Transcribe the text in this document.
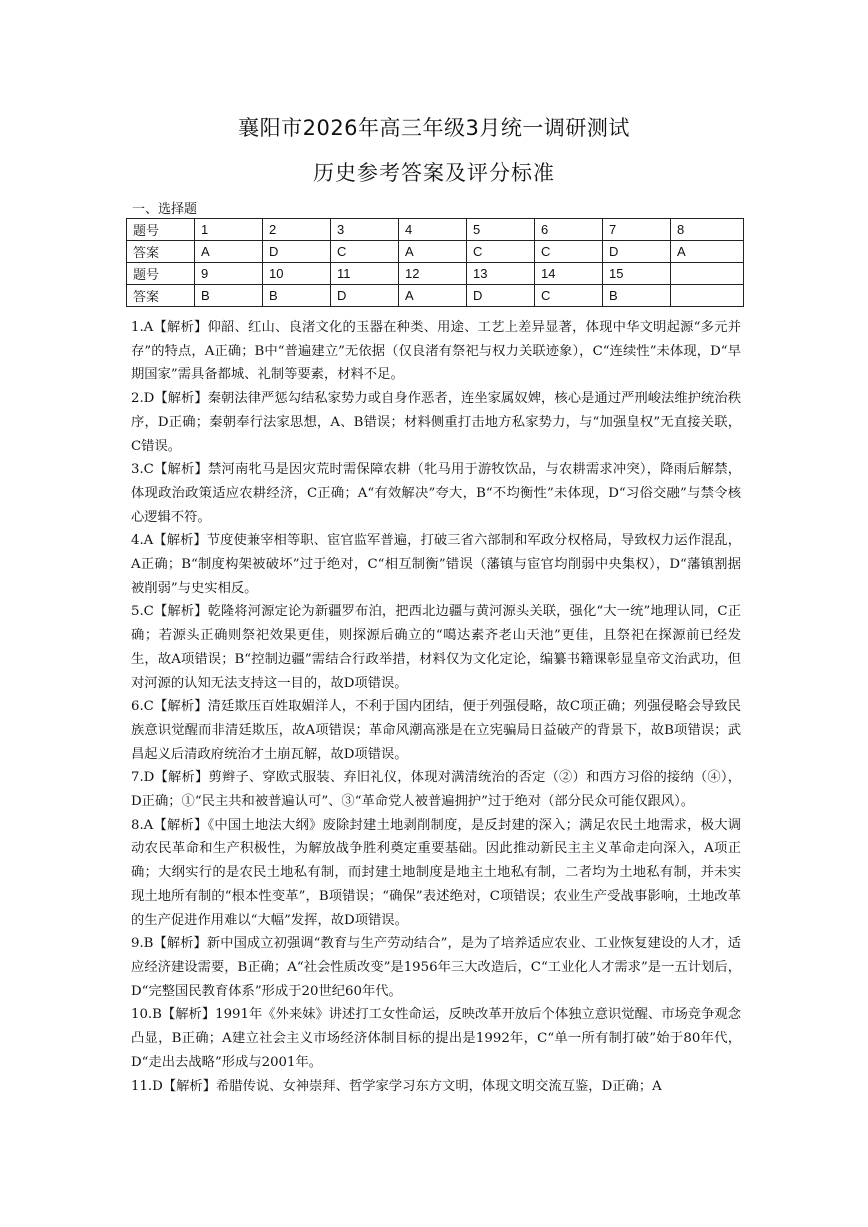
襄阳市2026年高三年级3月统一调研测试
历史参考答案及评分标准
一、选择题
题号	1	2	3	4	5	6	7	8
答案	A	D	C	A	C	C	D	A
题号	9	10	11	12	13	14	15	
答案	B	B	D	A	D	C	B	

1.A【解析】仰韶、红山、良渚文化的玉器在种类、用途、工艺上差异显著，体现中华文明起源“多元并存”的特点，A正确；B中“普遍建立”无依据（仅良渚有祭祀与权力关联迹象），C“连续性”未体现，D“早期国家”需具备都城、礼制等要素，材料不足。

2.D【解析】秦朝法律严惩勾结私家势力或自身作恶者，连坐家属奴婢，核心是通过严刑峻法维护统治秩序，D正确；秦朝奉行法家思想，A、B错误；材料侧重打击地方私家势力，与“加强皇权”无直接关联，C错误。

3.C【解析】禁河南牝马是因灾荒时需保障农耕（牝马用于游牧饮品，与农耕需求冲突），降雨后解禁，体现政治政策适应农耕经济，C正确；A“有效解决”夸大，B“不均衡性”未体现，D“习俗交融”与禁令核心逻辑不符。

4.A【解析】节度使兼宰相等职、宦官监军普遍，打破三省六部制和军政分权格局，导致权力运作混乱，A正确；B“制度构架被破坏”过于绝对，C“相互制衡”错误（藩镇与宦官均削弱中央集权），D“藩镇割据被削弱”与史实相反。

5.C【解析】乾隆将河源定论为新疆罗布泊，把西北边疆与黄河源头关联，强化“大一统”地理认同，C正确；若源头正确则祭祀效果更佳，则探源后确立的“噶达素齐老山天池”更佳，且祭祀在探源前已经发生，故A项错误；B“控制边疆”需结合行政举措，材料仅为文化定论，编纂书籍课彰显皇帝文治武功，但对河源的认知无法支持这一目的，故D项错误。

6.C【解析】清廷欺压百姓取媚洋人，不利于国内团结，便于列强侵略，故C项正确；列强侵略会导致民族意识觉醒而非清廷欺压，故A项错误；革命风潮高涨是在立宪骗局日益破产的背景下，故B项错误；武昌起义后清政府统治才土崩瓦解，故D项错误。

7.D【解析】剪辫子、穿欧式服装、弃旧礼仪，体现对满清统治的否定（②）和西方习俗的接纳（④），D正确；①“民主共和被普遍认可”、③“革命党人被普遍拥护”过于绝对（部分民众可能仅跟风）。

8.A【解析】《中国土地法大纲》废除封建土地剥削制度，是反封建的深入；满足农民土地需求，极大调动农民革命和生产积极性，为解放战争胜利奠定重要基础。因此推动新民主主义革命走向深入，A项正确；大纲实行的是农民土地私有制，而封建土地制度是地主土地私有制，二者均为土地私有制，并未实现土地所有制的“根本性变革”，B项错误；“确保”表述绝对，C项错误；农业生产受战事影响，土地改革的生产促进作用难以“大幅”发挥，故D项错误。

9.B【解析】新中国成立初强调“教育与生产劳动结合”，是为了培养适应农业、工业恢复建设的人才，适应经济建设需要，B正确；A“社会性质改变”是1956年三大改造后，C“工业化人才需求”是一五计划后，D“完整国民教育体系”形成于20世纪60年代。

10.B【解析】1991年《外来妹》讲述打工女性命运，反映改革开放后个体独立意识觉醒、市场竞争观念凸显，B正确；A建立社会主义市场经济体制目标的提出是1992年，C“单一所有制打破”始于80年代，D“走出去战略”形成与2001年。

11.D【解析】希腊传说、女神崇拜、哲学家学习东方文明，体现文明交流互鉴，D正确；A
